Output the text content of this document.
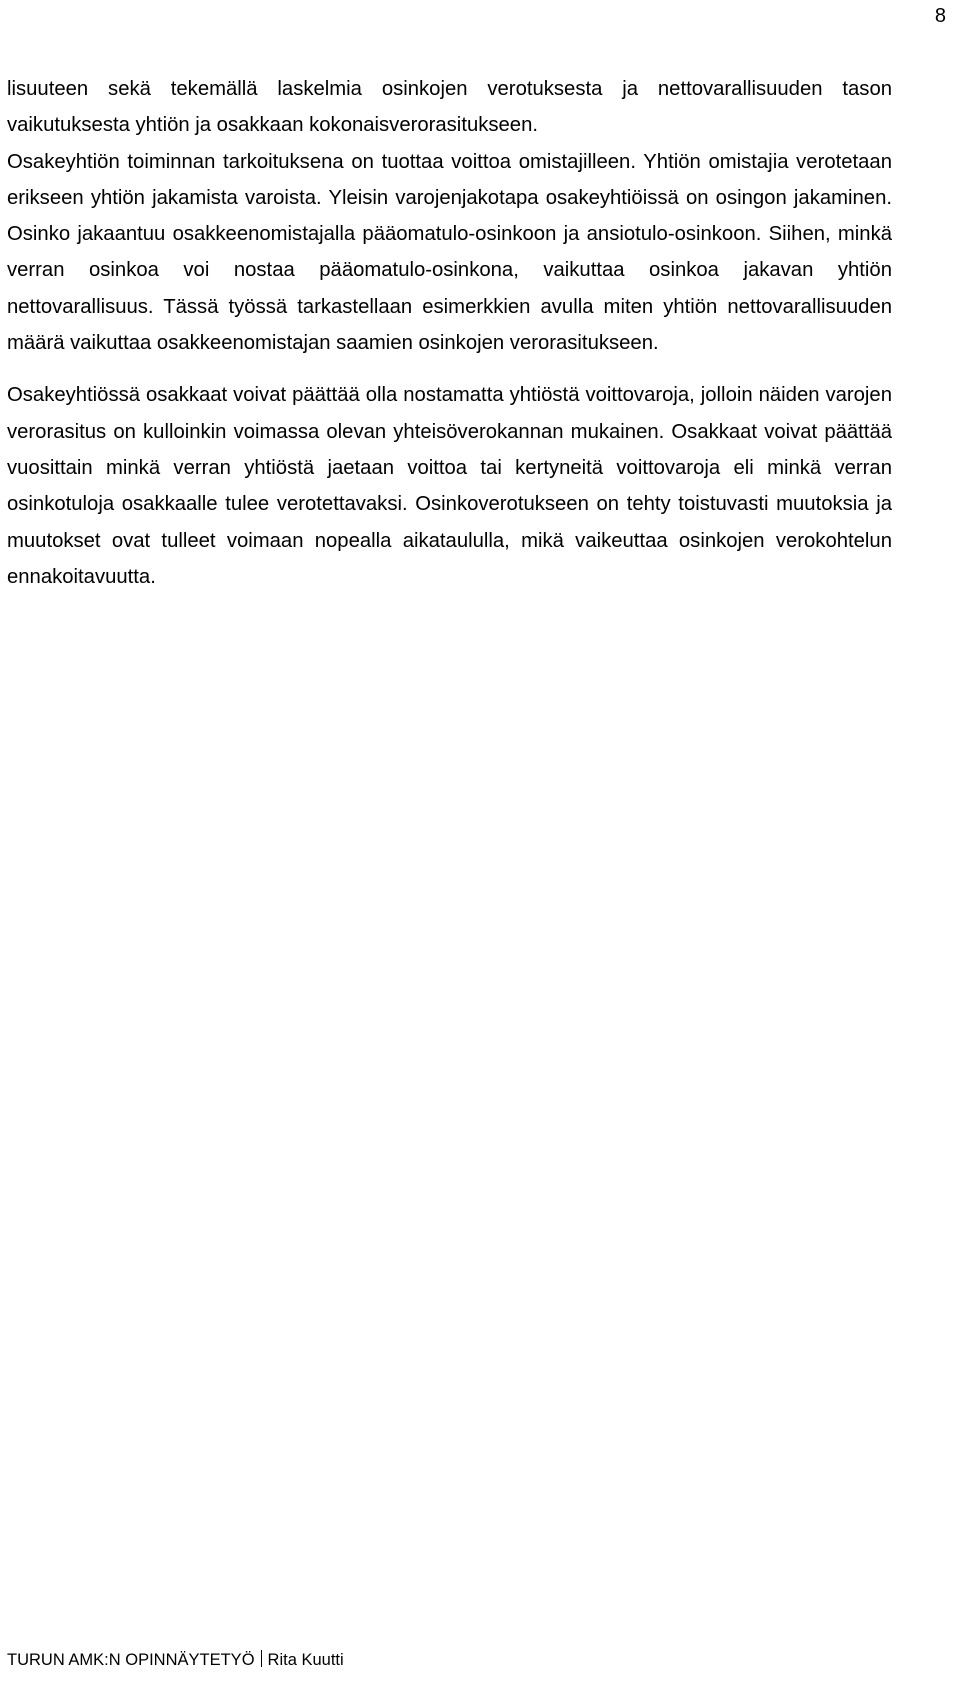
8

lisuuteen sekä tekemällä laskelmia osinkojen verotuksesta ja nettovarallisuuden tason vaikutuksesta yhtiön ja osakkaan kokonaisverorasitukseen.

Osakeyhtiön toiminnan tarkoituksena on tuottaa voittoa omistajilleen. Yhtiön omistajia verotetaan erikseen yhtiön jakamista varoista. Yleisin varojenjakotapa osakeyhtiöissä on osingon jakaminen. Osinko jakaantuu osakkeenomistajalla pääomatulo-osinkoon ja ansiotulo-osinkoon. Siihen, minkä verran osinkoa voi nostaa pääomatulo-osinkona, vaikuttaa osinkoa jakavan yhtiön nettovarallisuus. Tässä työssä tarkastellaan esimerkkien avulla miten yhtiön nettovarallisuuden määrä vaikuttaa osakkeenomistajan saamien osinkojen verorasitukseen.

Osakeyhtiössä osakkaat voivat päättää olla nostamatta yhtiöstä voittovaroja, jolloin näiden varojen verorasitus on kulloinkin voimassa olevan yhteisöverokannan mukainen. Osakkaat voivat päättää vuosittain minkä verran yhtiöstä jaetaan voittoa tai kertyneitä voittovaroja eli minkä verran osinkotuloja osakkaalle tulee verotettavaksi. Osinkoverotukseen on tehty toistuvasti muutoksia ja muutokset ovat tulleet voimaan nopealla aikataululla, mikä vaikeuttaa osinkojen verokohtelun ennakoitavuutta.

TURUN AMK:N OPINNÄYTETYÖ Rita Kuutti
